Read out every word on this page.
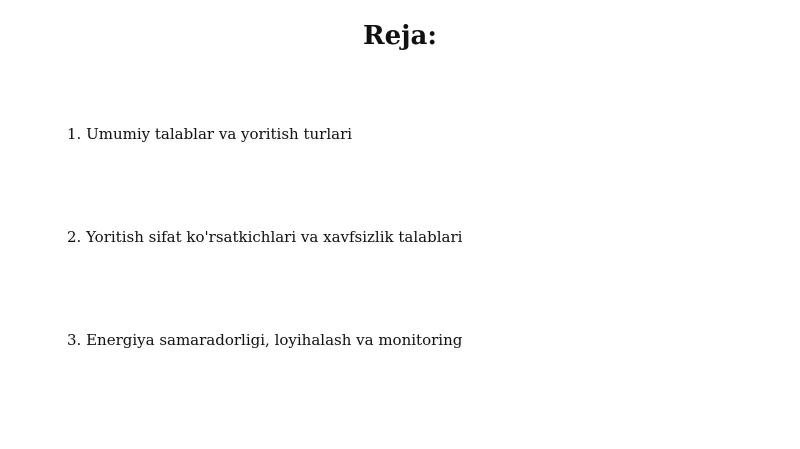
Reja:
1. Umumiy talablar va yoritish turlari
2. Yoritish sifat ko'rsatkichlari va xavfsizlik talablari
3. Energiya samaradorligi, loyihalash va monitoring
